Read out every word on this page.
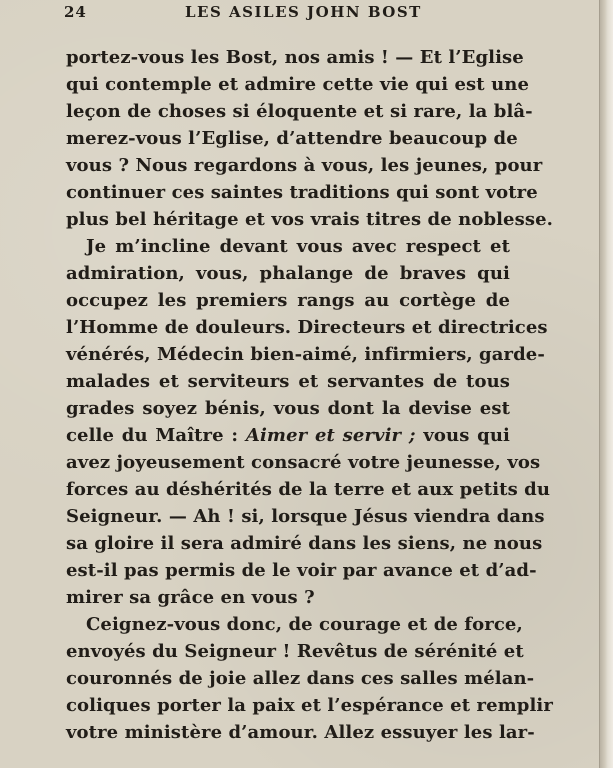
24	LES ASILES JOHN BOST
portez-vous les Bost, nos amis ! — Et l’Eglise
qui contemple et admire cette vie qui est une
leçon de choses si éloquente et si rare, la blâ-
merez-vous l’Eglise, d’attendre beaucoup de
vous ? Nous regardons à vous, les jeunes, pour
continuer ces saintes traditions qui sont votre
plus bel héritage et vos vrais titres de noblesse.
Je m’incline devant vous avec respect et
admiration, vous, phalange de braves qui
occupez les premiers rangs au cortège de
l’Homme de douleurs. Directeurs et directrices
vénérés, Médecin bien-aimé, infirmiers, garde-
malades et serviteurs et servantes de tous
grades soyez bénis, vous dont la devise est
celle du Maître : Aimer et servir ; vous qui
avez joyeusement consacré votre jeunesse, vos
forces au déshérités de la terre et aux petits du
Seigneur. — Ah ! si, lorsque Jésus viendra dans
sa gloire il sera admiré dans les siens, ne nous
est-il pas permis de le voir par avance et d’ad-
mirer sa grâce en vous ?
Ceignez-vous donc, de courage et de force,
envoyés du Seigneur ! Revêtus de sérénité et
couronnés de joie allez dans ces salles mélan-
coliques porter la paix et l’espérance et remplir
votre ministère d’amour. Allez essuyer les lar-
